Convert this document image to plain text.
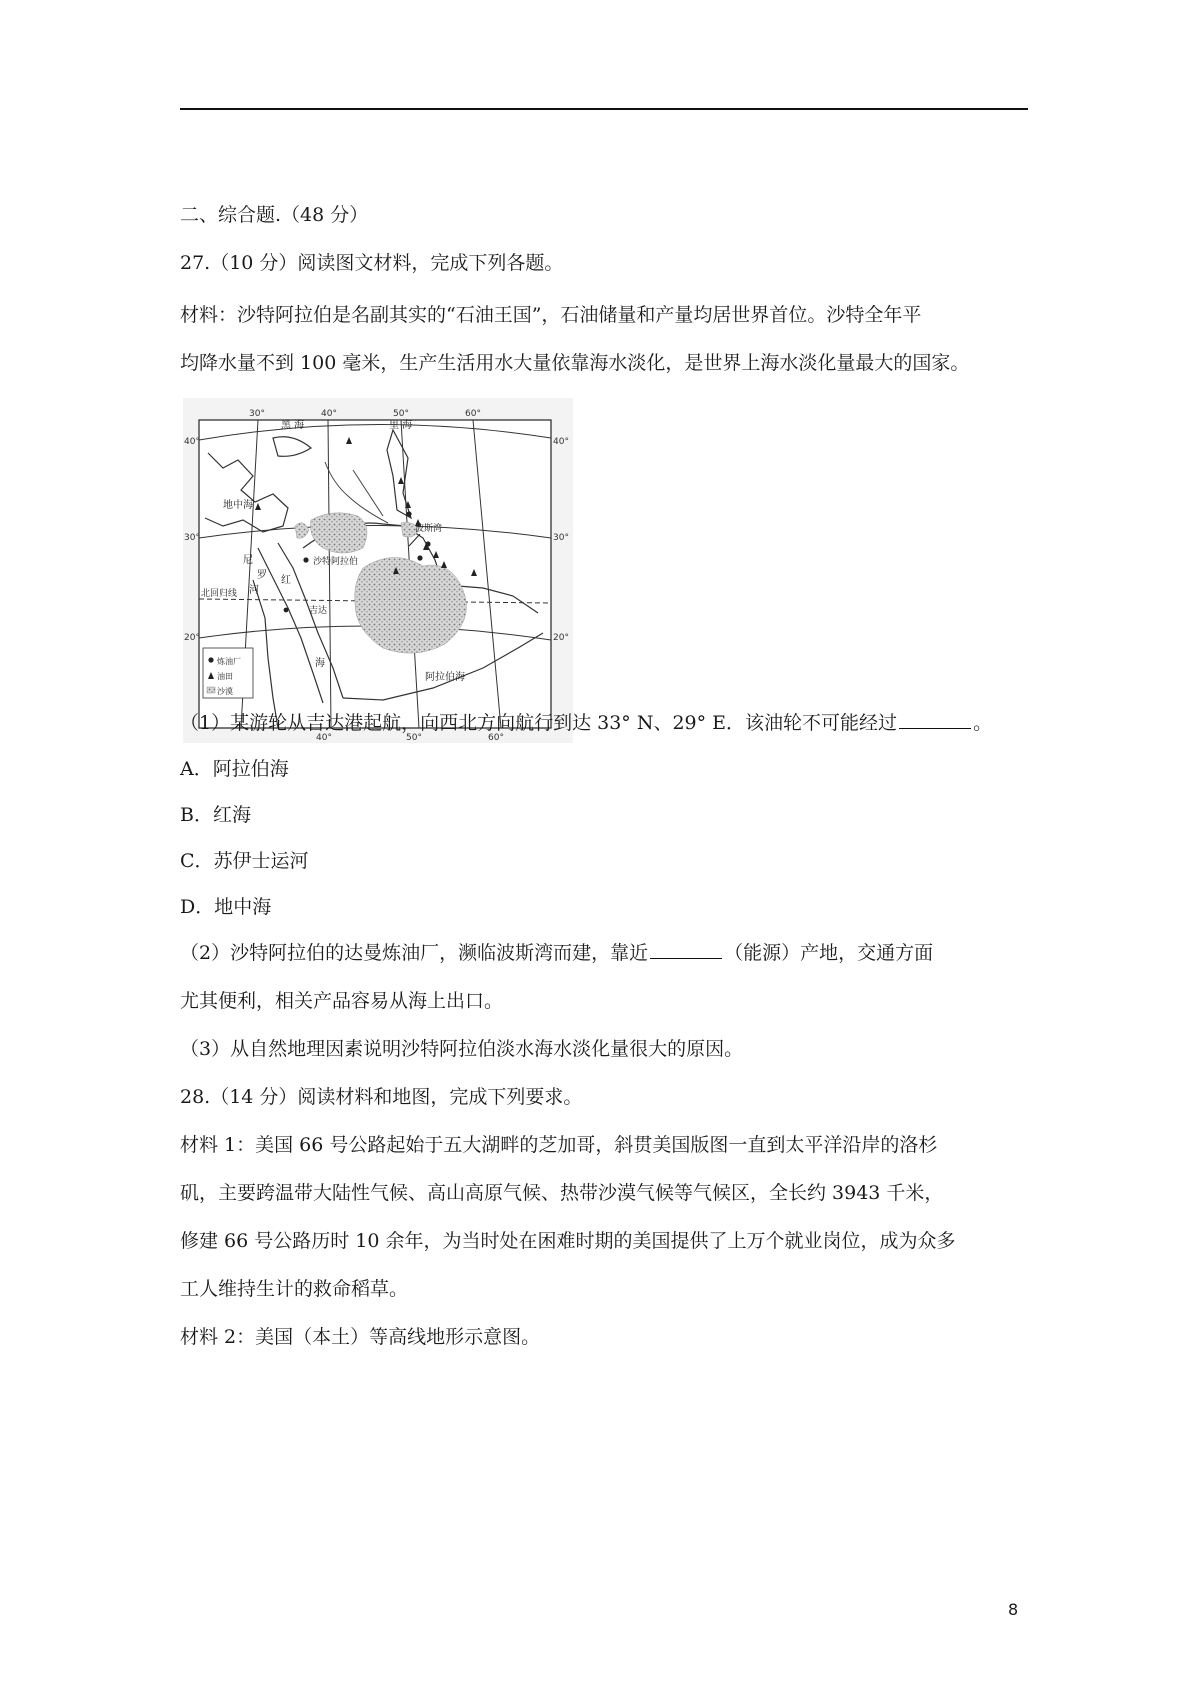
二、综合题.（48 分）
27.（10 分）阅读图文材料，完成下列各题。
材料：沙特阿拉伯是名副其实的“石油王国”，石油储量和产量均居世界首位。沙特全年平
均降水量不到 100 毫米，生产生活用水大量依靠海水淡化，是世界上海水淡化量最大的国家。
30°	40°	50°	60°
40°	50°	60°
40°
30°
20°
40°
30°
20°
黑 海	里 海
地中海
波斯湾
北回归线
沙特阿拉伯
红
海
尼
罗
河
吉达
阿拉伯海
炼油厂
油田
沙漠
（1）某游轮从吉达港起航，向西北方向航行到达 33° N、29° E．该油轮不可能经过	。
A．阿拉伯海
B．红海
C．苏伊士运河
D．地中海
（2）沙特阿拉伯的达曼炼油厂，濒临波斯湾而建，靠近	（能源）产地，交通方面
尤其便利，相关产品容易从海上出口。
（3）从自然地理因素说明沙特阿拉伯淡水海水淡化量很大的原因。
28.（14 分）阅读材料和地图，完成下列要求。
材料 1：美国 66 号公路起始于五大湖畔的芝加哥，斜贯美国版图一直到太平洋沿岸的洛杉
矶，主要跨温带大陆性气候、高山高原气候、热带沙漠气候等气候区，全长约 3943 千米，
修建 66 号公路历时 10 余年，为当时处在困难时期的美国提供了上万个就业岗位，成为众多
工人维持生计的救命稻草。
材料 2：美国（本土）等高线地形示意图。
8
